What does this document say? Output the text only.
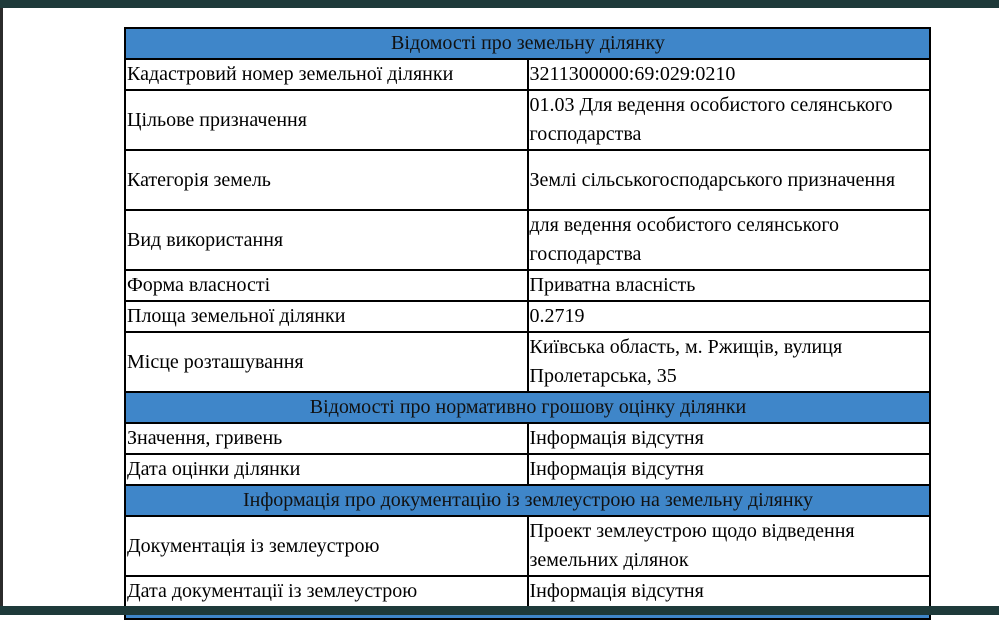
Відомості про земельну ділянку	
Кадастровий номер земельної ділянки	3211300000:69:029:0210
Цільове призначення	01.03 Для ведення особистого селянського господарства
Категорія земель	Землі сільськогосподарського призначення
Вид використання	для ведення особистого селянського господарства
Форма власності	Приватна власність
Площа земельної ділянки	0.2719
Місце розташування	Київська область, м. Ржищів, вулиця Пролетарська, 35
Відомості про нормативно грошову оцінку ділянки	
Значення, гривень	Інформація відсутня
Дата оцінки ділянки	Інформація відсутня
Інформація про документацію із землеустрою на земельну ділянку	
Документація із землеустрою	Проект землеустрою щодо відведення земельних ділянок
Дата документації із землеустрою	Інформація відсутня
